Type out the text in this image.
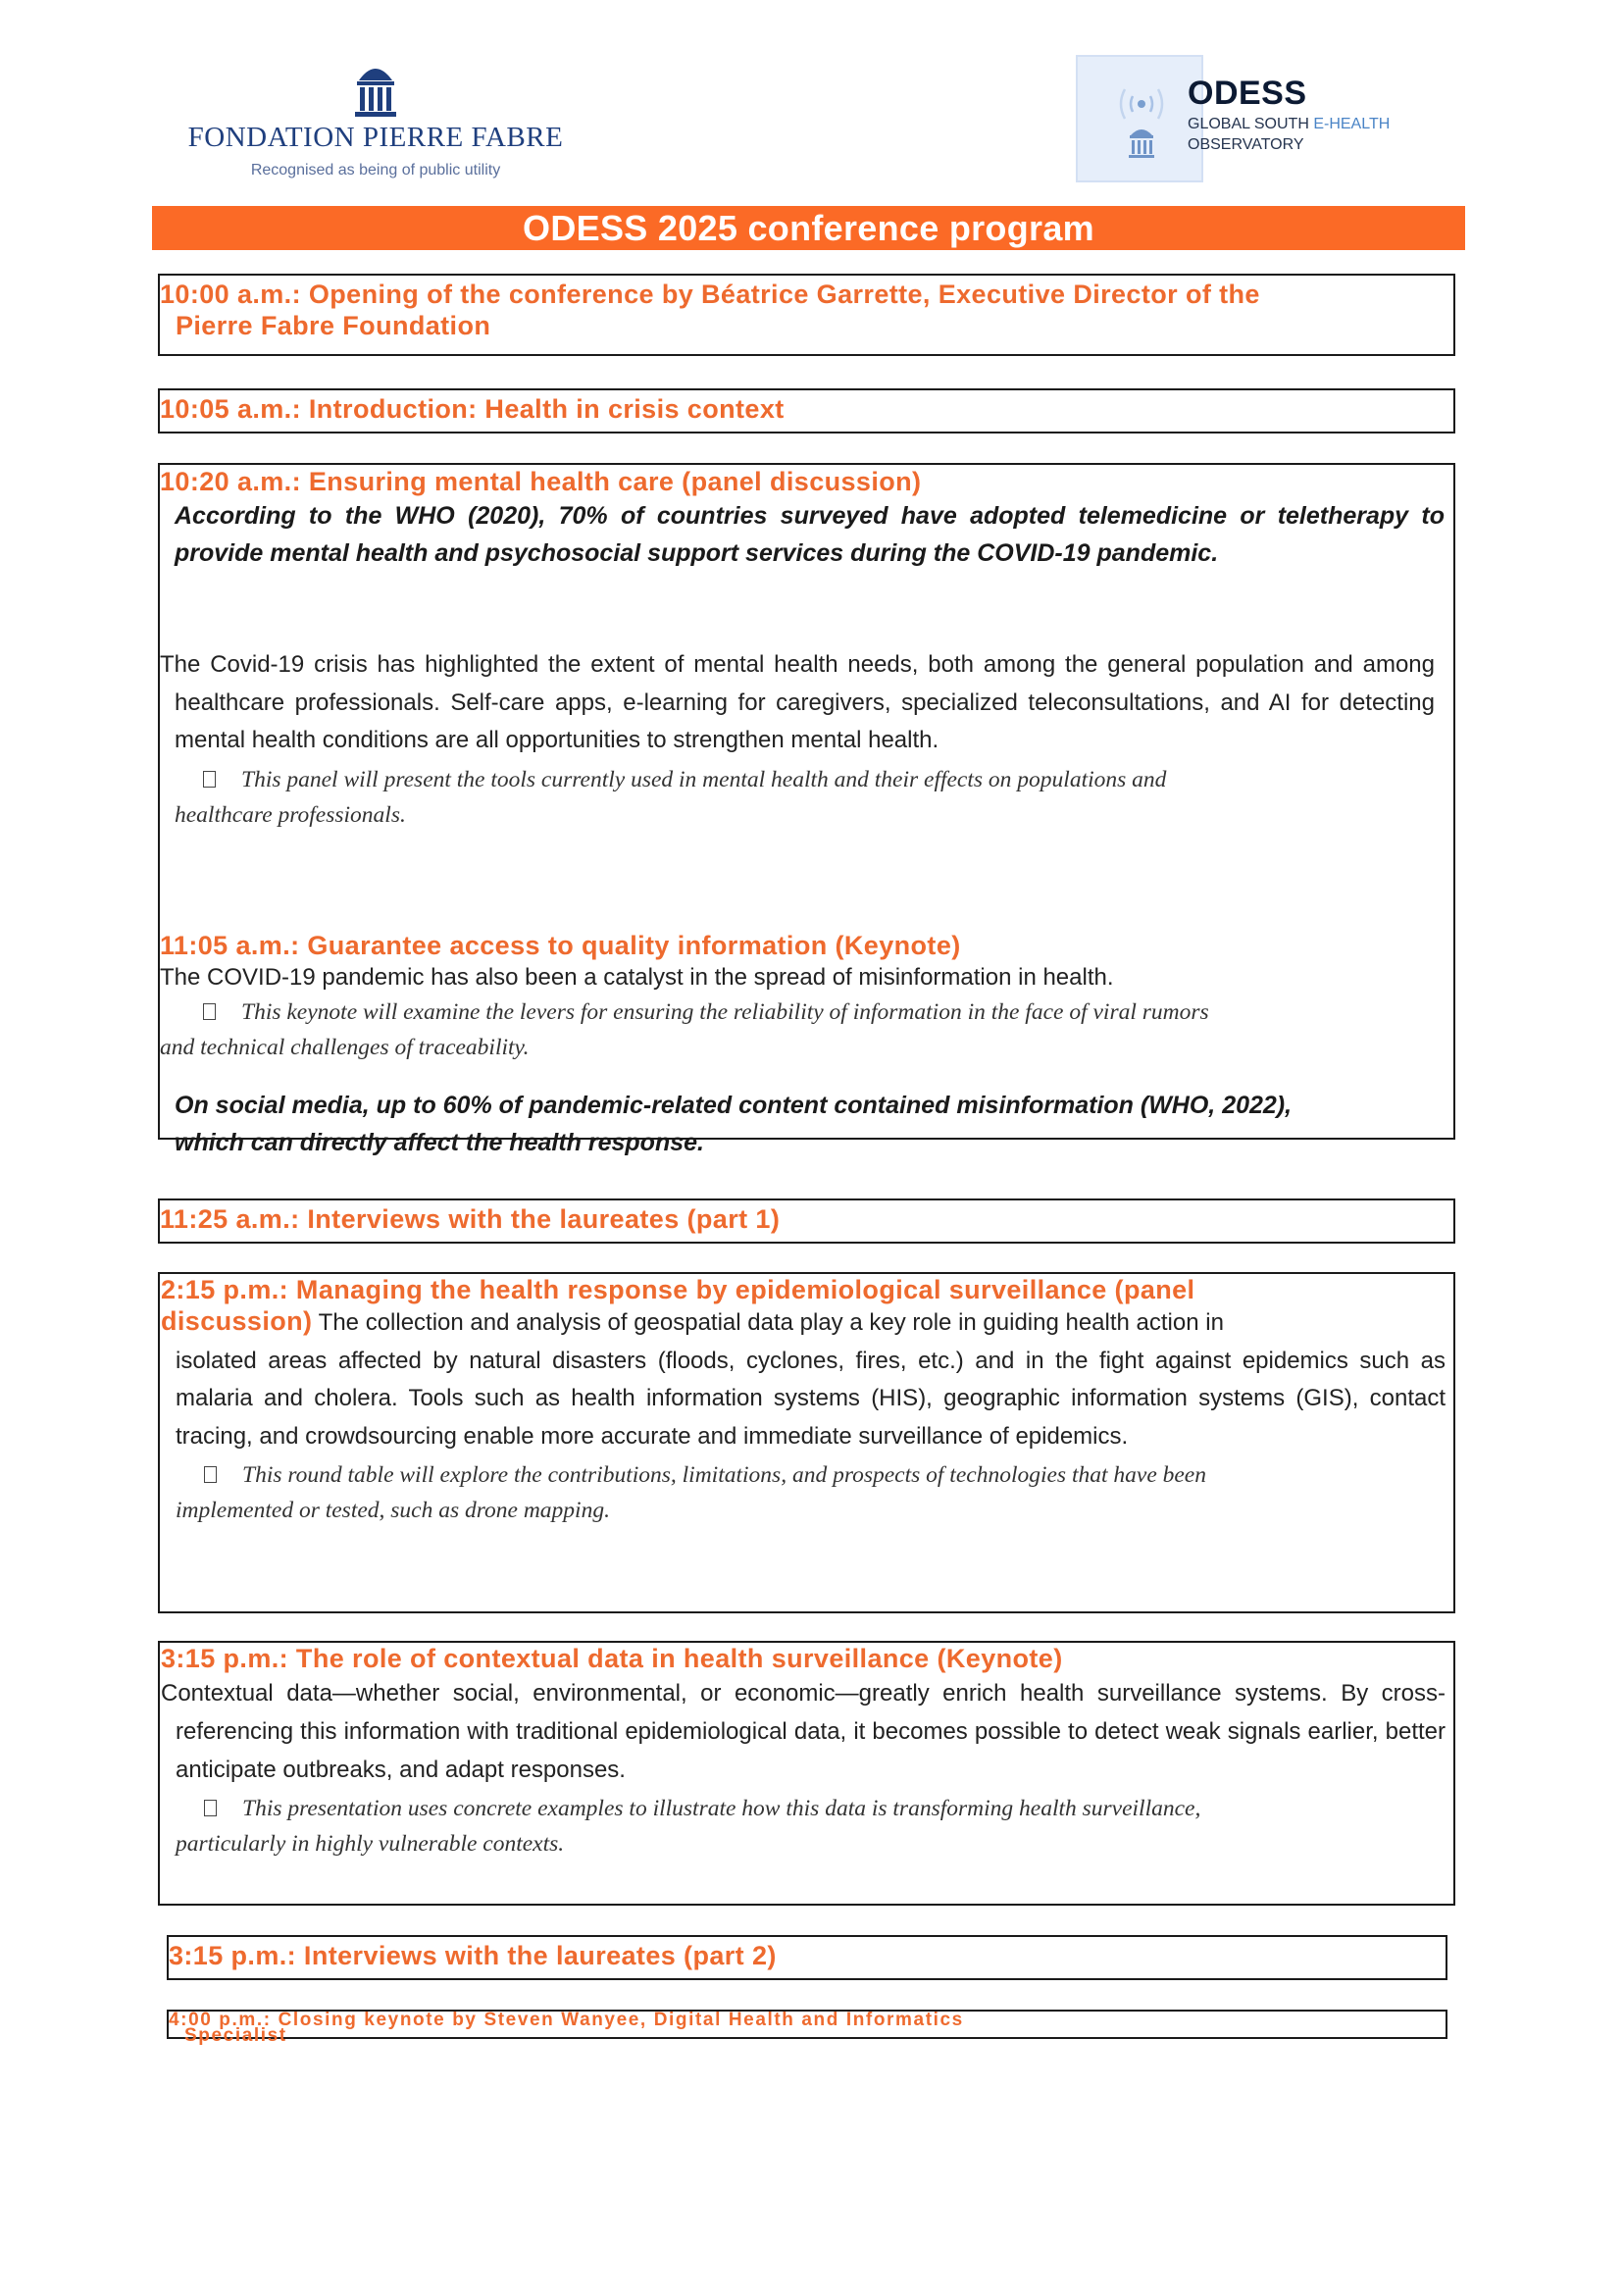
FONDATION PIERRE FABRE
Recognised as being of public utility
ODESS
GLOBAL SOUTH E-HEALTH
OBSERVATORY
ODESS 2025 conference program

10:00 a.m.: Opening of the conference by Béatrice Garrette, Executive Director of the
Pierre Fabre Foundation

10:05 a.m.: Introduction: Health in crisis context

10:20 a.m.: Ensuring mental health care (panel discussion)

According to the WHO (2020), 70% of countries surveyed have adopted telemedicine or teletherapy to provide mental health and psychosocial support services during the COVID-19 pandemic.

The Covid-19 crisis has highlighted the extent of mental health needs, both among the general population and among healthcare professionals. Self-care apps, e-learning for caregivers, specialized teleconsultations, and AI for detecting mental health conditions are all opportunities to strengthen mental health.

This panel will present the tools currently used in mental health and their effects on populations and
healthcare professionals.

11:05 a.m.: Guarantee access to quality information (Keynote)

The COVID-19 pandemic has also been a catalyst in the spread of misinformation in health.

This keynote will examine the levers for ensuring the reliability of information in the face of viral rumors
and technical challenges of traceability.

On social media, up to 60% of pandemic-related content contained misinformation (WHO, 2022),
which can directly affect the health response.

11:25 a.m.: Interviews with the laureates (part 1)

2:15 p.m.: Managing the health response by epidemiological surveillance (panel

discussion) The collection and analysis of geospatial data play a key role in guiding health action in

isolated areas affected by natural disasters (floods, cyclones, fires, etc.) and in the fight against epidemics such as malaria and cholera. Tools such as health information systems (HIS), geographic information systems (GIS), contact tracing, and crowdsourcing enable more accurate and immediate surveillance of epidemics.

This round table will explore the contributions, limitations, and prospects of technologies that have been
implemented or tested, such as drone mapping.

3:15 p.m.: The role of contextual data in health surveillance (Keynote)

Contextual data—whether social, environmental, or economic—greatly enrich health surveillance systems. By cross-referencing this information with traditional epidemiological data, it becomes possible to detect weak signals earlier, better anticipate outbreaks, and adapt responses.

This presentation uses concrete examples to illustrate how this data is transforming health surveillance,
particularly in highly vulnerable contexts.

3:15 p.m.: Interviews with the laureates (part 2)

4:00 p.m.: Closing keynote by Steven Wanyee, Digital Health and Informatics
Specialist
